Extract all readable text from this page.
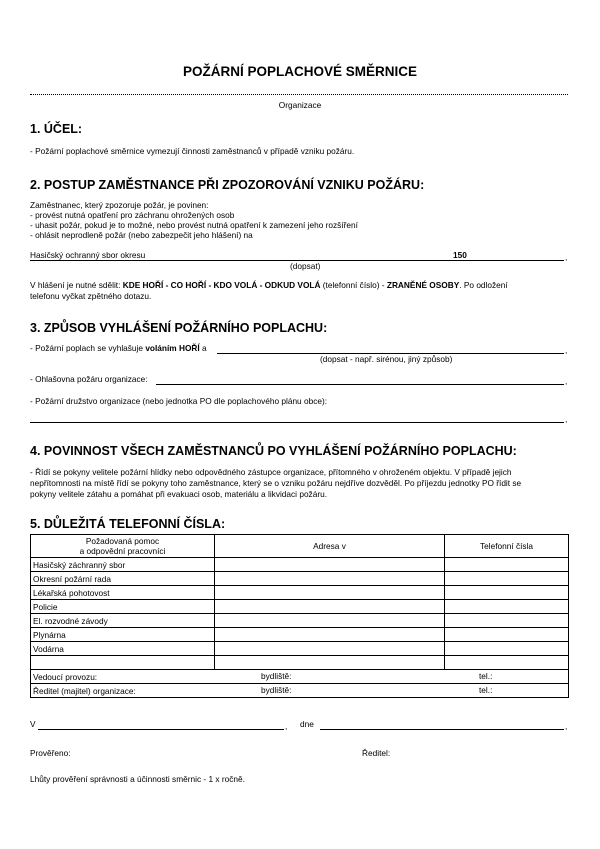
POŽÁRNÍ POPLACHOVÉ SMĚRNICE
Organizace
1. ÚČEL:
- Požární poplachové směrnice vymezují činnosti zaměstnanců v případě vzniku požáru.
2. POSTUP ZAMĚSTNANCE PŘI ZPOZOROVÁNÍ VZNIKU POŽÁRU:
Zaměstnanec, který zpozoruje požár, je povinen:
- provést nutná opatření pro záchranu ohrožených osob
- uhasit požár, pokud je to možné, nebo provést nutná opatření k zamezení jeho rozšíření
- ohlásit neprodleně požár (nebo zabezpečit jeho hlášení) na
Hasičský ochranný sbor okresu	150	,
(dopsat)
V hlášení je nutné sdělit: KDE HOŘÍ - CO HOŘÍ - KDO VOLÁ - ODKUD VOLÁ (telefonní číslo) - ZRANĚNÉ OSOBY. Po odložení
telefonu vyčkat zpětného dotazu.
3. ZPŮSOB VYHLÁŠENÍ POŽÁRNÍHO POPLACHU:
- Požární poplach se vyhlašuje voláním HOŘÍ a	,
(dopsat - např. sirénou, jiný způsob)
- Ohlašovna požáru organizace:	,
- Požární družstvo organizace (nebo jednotka PO dle poplachového plánu obce):
,
4. POVINNOST VŠECH ZAMĚSTNANCŮ PO VYHLÁŠENÍ POŽÁRNÍHO POPLACHU:
- Řídí se pokyny velitele požární hlídky nebo odpovědného zástupce organizace, přítomného v ohroženém objektu. V případě jejich
nepřítomnosti na místě řídí se pokyny toho zaměstnance, který se o vzniku požáru nejdříve dozvěděl. Po příjezdu jednotky PO řídit se
pokyny velitele zátahu a pomáhat při evakuaci osob, materiálu a likvidaci požáru.
5. DŮLEŽITÁ TELEFONNÍ ČÍSLA:
Požadovaná pomoc
a odpovědní pracovníci	Adresa v	Telefonní čísla
Hasičský záchranný sbor		
Okresní požární rada		
Lékařská pohotovost		
Policie		
El. rozvodné závody		
Plynárna		
Vodárna		

Vedoucí provozu: bydliště: tel.:		

Ředitel (majitel) organizace: bydliště: tel.:		
V	, dne	,
Prověřeno:	Ředitel:
Lhůty prověření správnosti a účinnosti směrnic - 1 x ročně.
